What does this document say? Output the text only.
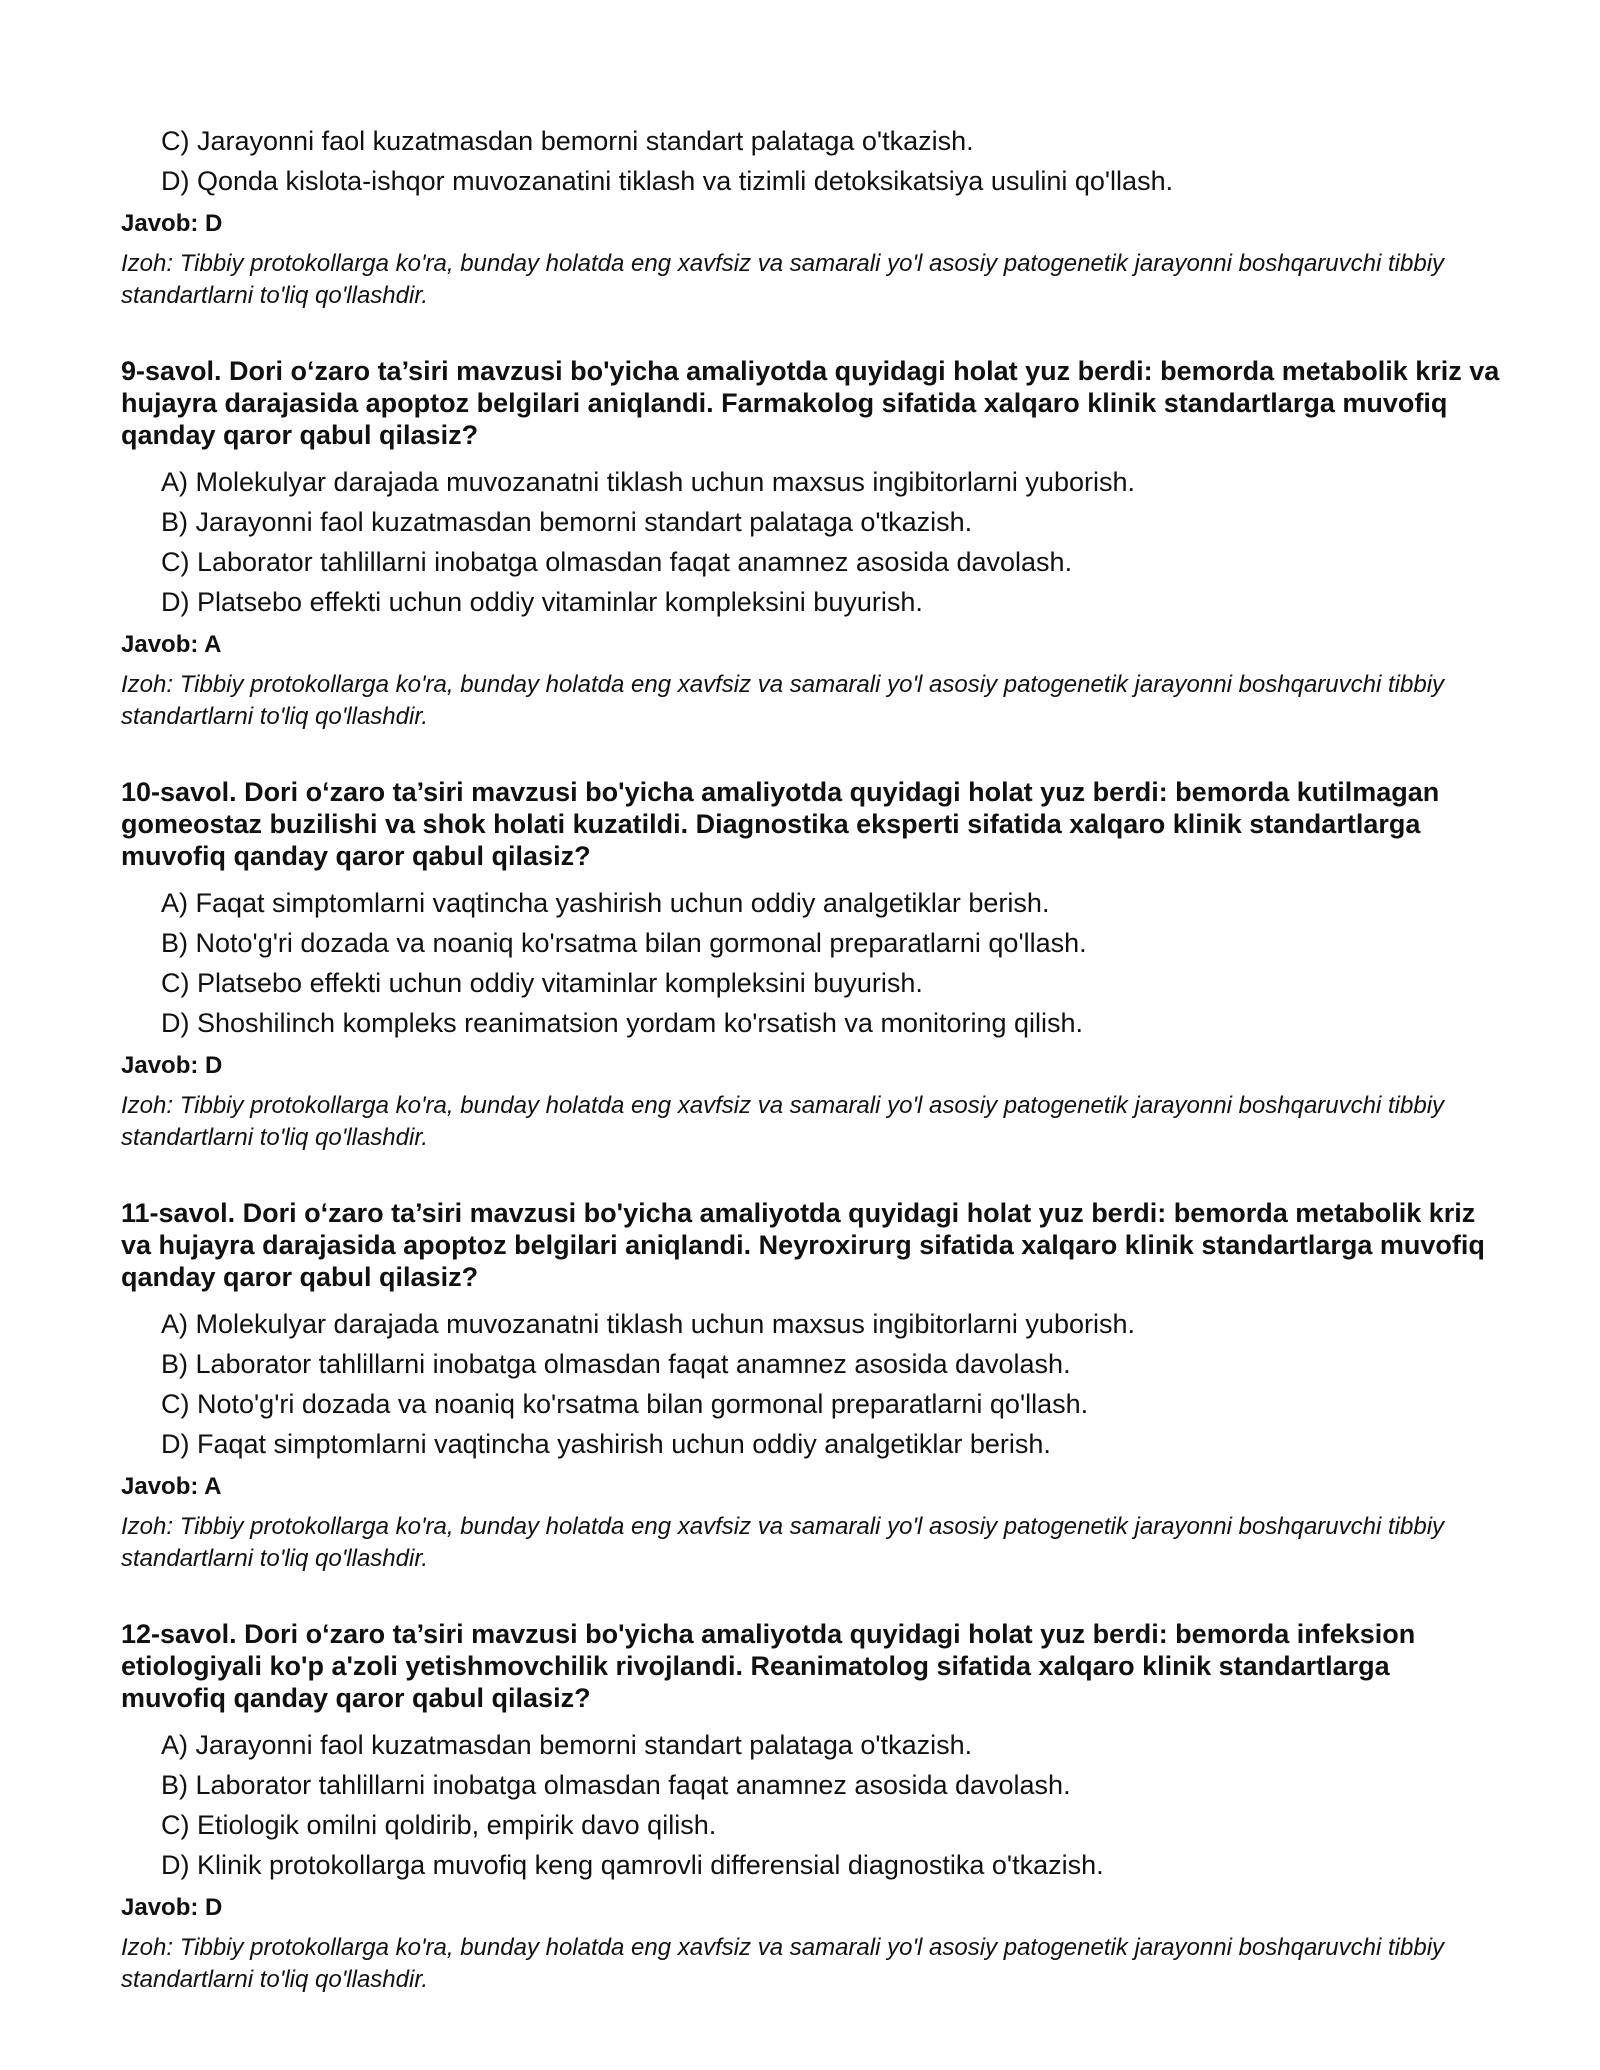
C) Jarayonni faol kuzatmasdan bemorni standart palataga o'tkazish.
D) Qonda kislota-ishqor muvozanatini tiklash va tizimli detoksikatsiya usulini qo'llash.
Javob: D
Izoh: Tibbiy protokollarga ko'ra, bunday holatda eng xavfsiz va samarali yo'l asosiy patogenetik jarayonni boshqaruvchi tibbiy standartlarni to'liq qo'llashdir.
9-savol. Dori o‘zaro ta’siri mavzusi bo'yicha amaliyotda quyidagi holat yuz berdi: bemorda metabolik kriz va hujayra darajasida apoptoz belgilari aniqlandi. Farmakolog sifatida xalqaro klinik standartlarga muvofiq qanday qaror qabul qilasiz?
A) Molekulyar darajada muvozanatni tiklash uchun maxsus ingibitorlarni yuborish.
B) Jarayonni faol kuzatmasdan bemorni standart palataga o'tkazish.
C) Laborator tahlillarni inobatga olmasdan faqat anamnez asosida davolash.
D) Platsebo effekti uchun oddiy vitaminlar kompleksini buyurish.
Javob: A
Izoh: Tibbiy protokollarga ko'ra, bunday holatda eng xavfsiz va samarali yo'l asosiy patogenetik jarayonni boshqaruvchi tibbiy standartlarni to'liq qo'llashdir.
10-savol. Dori o‘zaro ta’siri mavzusi bo'yicha amaliyotda quyidagi holat yuz berdi: bemorda kutilmagan gomeostaz buzilishi va shok holati kuzatildi. Diagnostika eksperti sifatida xalqaro klinik standartlarga muvofiq qanday qaror qabul qilasiz?
A) Faqat simptomlarni vaqtincha yashirish uchun oddiy analgetiklar berish.
B) Noto'g'ri dozada va noaniq ko'rsatma bilan gormonal preparatlarni qo'llash.
C) Platsebo effekti uchun oddiy vitaminlar kompleksini buyurish.
D) Shoshilinch kompleks reanimatsion yordam ko'rsatish va monitoring qilish.
Javob: D
Izoh: Tibbiy protokollarga ko'ra, bunday holatda eng xavfsiz va samarali yo'l asosiy patogenetik jarayonni boshqaruvchi tibbiy standartlarni to'liq qo'llashdir.
11-savol. Dori o‘zaro ta’siri mavzusi bo'yicha amaliyotda quyidagi holat yuz berdi: bemorda metabolik kriz va hujayra darajasida apoptoz belgilari aniqlandi. Neyroxirurg sifatida xalqaro klinik standartlarga muvofiq qanday qaror qabul qilasiz?
A) Molekulyar darajada muvozanatni tiklash uchun maxsus ingibitorlarni yuborish.
B) Laborator tahlillarni inobatga olmasdan faqat anamnez asosida davolash.
C) Noto'g'ri dozada va noaniq ko'rsatma bilan gormonal preparatlarni qo'llash.
D) Faqat simptomlarni vaqtincha yashirish uchun oddiy analgetiklar berish.
Javob: A
Izoh: Tibbiy protokollarga ko'ra, bunday holatda eng xavfsiz va samarali yo'l asosiy patogenetik jarayonni boshqaruvchi tibbiy standartlarni to'liq qo'llashdir.
12-savol. Dori o‘zaro ta’siri mavzusi bo'yicha amaliyotda quyidagi holat yuz berdi: bemorda infeksion etiologiyali ko'p a'zoli yetishmovchilik rivojlandi. Reanimatolog sifatida xalqaro klinik standartlarga muvofiq qanday qaror qabul qilasiz?
A) Jarayonni faol kuzatmasdan bemorni standart palataga o'tkazish.
B) Laborator tahlillarni inobatga olmasdan faqat anamnez asosida davolash.
C) Etiologik omilni qoldirib, empirik davo qilish.
D) Klinik protokollarga muvofiq keng qamrovli differensial diagnostika o'tkazish.
Javob: D
Izoh: Tibbiy protokollarga ko'ra, bunday holatda eng xavfsiz va samarali yo'l asosiy patogenetik jarayonni boshqaruvchi tibbiy standartlarni to'liq qo'llashdir.
